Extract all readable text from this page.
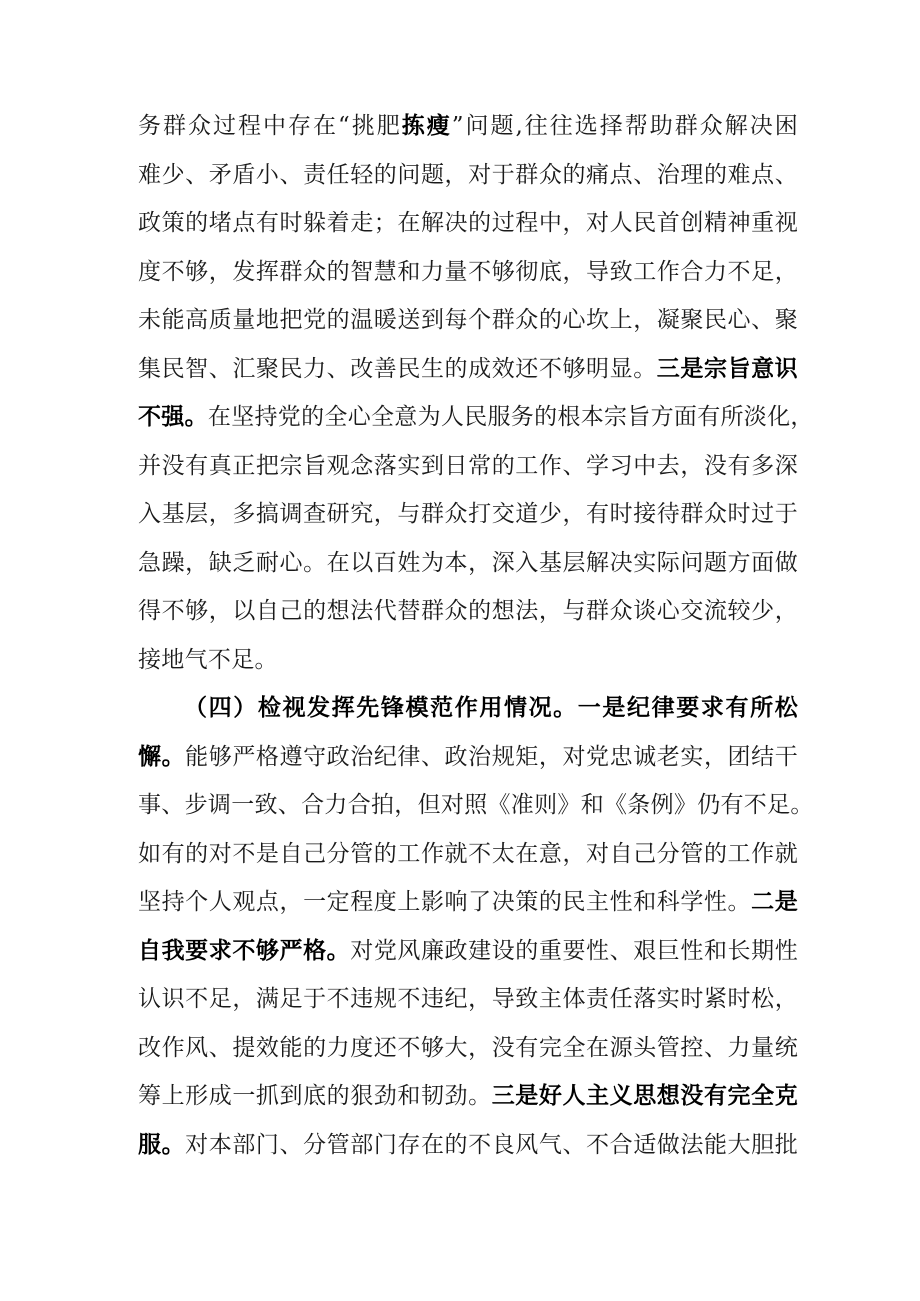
务群众过程中存在“挑肥拣瘦”问题,往往选择帮助群众解决困
难少、矛盾小、责任轻的问题，对于群众的痛点、治理的难点、
政策的堵点有时躲着走；在解决的过程中，对人民首创精神重视
度不够，发挥群众的智慧和力量不够彻底，导致工作合力不足，
未能高质量地把党的温暖送到每个群众的心坎上，凝聚民心、聚
集民智、汇聚民力、改善民生的成效还不够明显。三是宗旨意识
不强。在坚持党的全心全意为人民服务的根本宗旨方面有所淡化，
并没有真正把宗旨观念落实到日常的工作、学习中去，没有多深
入基层，多搞调查研究，与群众打交道少，有时接待群众时过于
急躁，缺乏耐心。在以百姓为本，深入基层解决实际问题方面做
得不够，以自己的想法代替群众的想法，与群众谈心交流较少，
接地气不足。
（四）检视发挥先锋模范作用情况。一是纪律要求有所松
懈。能够严格遵守政治纪律、政治规矩，对党忠诚老实，团结干
事、步调一致、合力合拍，但对照《准则》和《条例》仍有不足。
如有的对不是自己分管的工作就不太在意，对自己分管的工作就
坚持个人观点，一定程度上影响了决策的民主性和科学性。二是
自我要求不够严格。对党风廉政建设的重要性、艰巨性和长期性
认识不足，满足于不违规不违纪，导致主体责任落实时紧时松，
改作风、提效能的力度还不够大，没有完全在源头管控、力量统
筹上形成一抓到底的狠劲和韧劲。三是好人主义思想没有完全克
服。对本部门、分管部门存在的不良风气、不合适做法能大胆批
